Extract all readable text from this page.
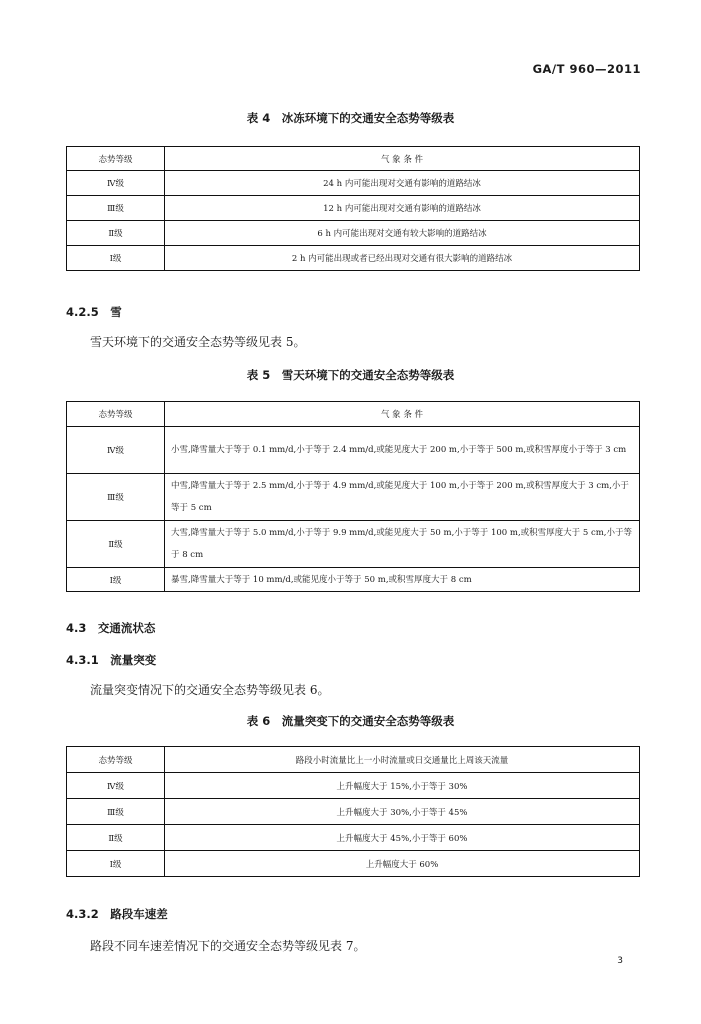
GA/T 960—2011
表 4　冰冻环境下的交通安全态势等级表
态势等级	气 象 条 件
Ⅳ级	24 h 内可能出现对交通有影响的道路结冰
Ⅲ级	12 h 内可能出现对交通有影响的道路结冰
Ⅱ级	6 h 内可能出现对交通有较大影响的道路结冰
Ⅰ级	2 h 内可能出现或者已经出现对交通有很大影响的道路结冰
4.2.5　雪
雪天环境下的交通安全态势等级见表 5。
表 5　雪天环境下的交通安全态势等级表
态势等级	气 象 条 件
Ⅳ级	小雪,降雪量大于等于 0.1 mm/d,小于等于 2.4 mm/d,或能见度大于 200 m,小于等于 500 m,或积雪厚度小于等于 3 cm
Ⅲ级	中雪,降雪量大于等于 2.5 mm/d,小于等于 4.9 mm/d,或能见度大于 100 m,小于等于 200 m,或积雪厚度大于 3 cm,小于等于 5 cm
Ⅱ级	大雪,降雪量大于等于 5.0 mm/d,小于等于 9.9 mm/d,或能见度大于 50 m,小于等于 100 m,或积雪厚度大于 5 cm,小于等于 8 cm
Ⅰ级	暴雪,降雪量大于等于 10 mm/d,或能见度小于等于 50 m,或积雪厚度大于 8 cm
4.3　交通流状态
4.3.1　流量突变
流量突变情况下的交通安全态势等级见表 6。
表 6　流量突变下的交通安全态势等级表
态势等级	路段小时流量比上一小时流量或日交通量比上周该天流量
Ⅳ级	上升幅度大于 15%,小于等于 30%
Ⅲ级	上升幅度大于 30%,小于等于 45%
Ⅱ级	上升幅度大于 45%,小于等于 60%
Ⅰ级	上升幅度大于 60%
4.3.2　路段车速差
路段不同车速差情况下的交通安全态势等级见表 7。
3
